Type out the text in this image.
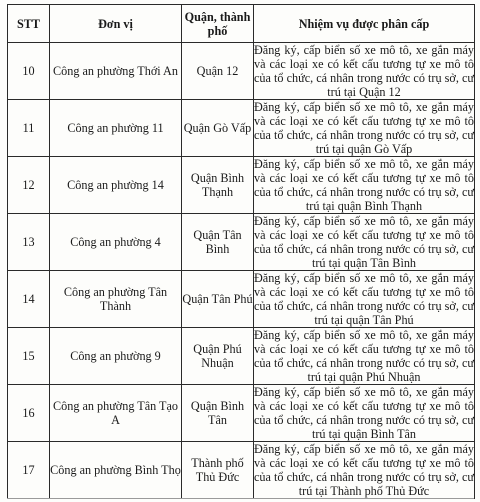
STT	Đơn vị	Quận, thành phố	Nhiệm vụ được phân cấp
10	Công an phường Thới An	Quận 12	Đăng ký, cấp biển số xe mô tô, xe gắn máy và các loại xe có kết cấu tương tự xe mô tô của tổ chức, cá nhân trong nước có trụ sở, cư trú tại Quận 12
11	Công an phường 11	Quận Gò Vấp	Đăng ký, cấp biển số xe mô tô, xe gắn máy và các loại xe có kết cấu tương tự xe mô tô của tổ chức, cá nhân trong nước có trụ sở, cư trú tại quận Gò Vấp
12	Công an phường 14	Quận Bình Thạnh	Đăng ký, cấp biển số xe mô tô, xe gắn máy và các loại xe có kết cấu tương tự xe mô tô của tổ chức, cá nhân trong nước có trụ sở, cư trú tại quận Bình Thạnh
13	Công an phường 4	Quận Tân Bình	Đăng ký, cấp biển số xe mô tô, xe gắn máy và các loại xe có kết cấu tương tự xe mô tô của tổ chức, cá nhân trong nước có trụ sở, cư trú tại quận Tân Bình
14	Công an phường Tân Thành	Quận Tân Phú	Đăng ký, cấp biển số xe mô tô, xe gắn máy và các loại xe có kết cấu tương tự xe mô tô của tổ chức, cá nhân trong nước có trụ sở, cư trú tại quận Tân Phú
15	Công an phường 9	Quận Phú Nhuận	Đăng ký, cấp biển số xe mô tô, xe gắn máy và các loại xe có kết cấu tương tự xe mô tô của tổ chức, cá nhân trong nước có trụ sở, cư trú tại quận Phú Nhuận
16	Công an phường Tân Tạo A	Quận Bình Tân	Đăng ký, cấp biển số xe mô tô, xe gắn máy và các loại xe có kết cấu tương tự xe mô tô của tổ chức, cá nhân trong nước có trụ sở, cư trú tại quận Bình Tân
17	Công an phường Bình Thọ	Thành phố Thủ Đức	Đăng ký, cấp biển số xe mô tô, xe gắn máy và các loại xe có kết cấu tương tự xe mô tô của tổ chức, cá nhân trong nước có trụ sở, cư trú tại Thành phố Thủ Đức
